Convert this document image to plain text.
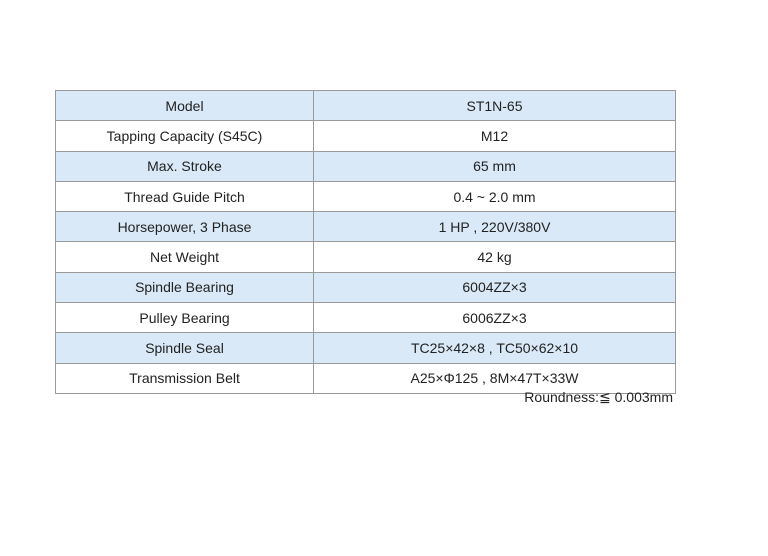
Model	ST1N-65
Tapping Capacity (S45C)	M12
Max. Stroke	65 mm
Thread Guide Pitch	0.4 ~ 2.0 mm
Horsepower, 3 Phase	1 HP , 220V/380V
Net Weight	42 kg
Spindle Bearing	6004ZZ×3
Pulley Bearing	6006ZZ×3
Spindle Seal	TC25×42×8 , TC50×62×10
Transmission Belt	A25×Φ125 , 8M×47T×33W
Roundness:≦ 0.003mm
